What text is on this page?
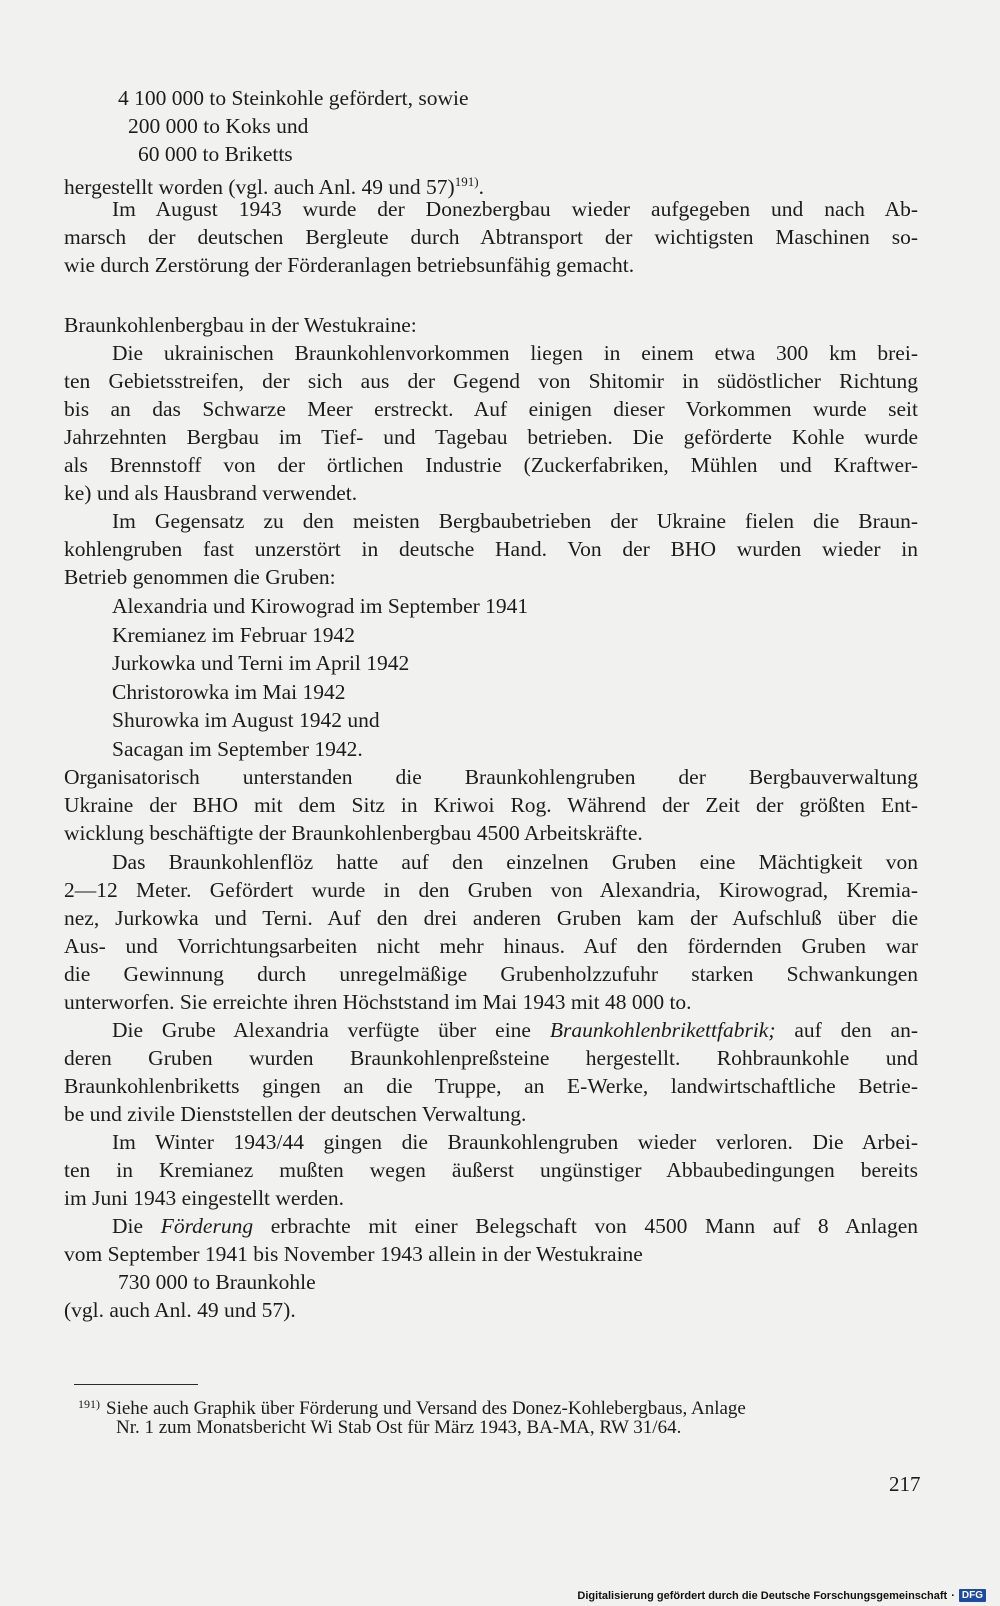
4 100 000 to Steinkohle gefördert, sowie
200 000 to Koks und
60 000 to Briketts
hergestellt worden (vgl. auch Anl. 49 und 57)$^{191)}$.
Im August 1943 wurde der Donezbergbau wieder aufgegeben und nach Ab-
marsch der deutschen Bergleute durch Abtransport der wichtigsten Maschinen so-
wie durch Zerstörung der Förderanlagen betriebsunfähig gemacht.
Braunkohlenbergbau in der Westukraine:
Die ukrainischen Braunkohlenvorkommen liegen in einem etwa 300 km brei-
ten Gebietsstreifen, der sich aus der Gegend von Shitomir in südöstlicher Richtung
bis an das Schwarze Meer erstreckt. Auf einigen dieser Vorkommen wurde seit
Jahrzehnten Bergbau im Tief- und Tagebau betrieben. Die geförderte Kohle wurde
als Brennstoff von der örtlichen Industrie (Zuckerfabriken, Mühlen und Kraftwer-
ke) und als Hausbrand verwendet.
Im Gegensatz zu den meisten Bergbaubetrieben der Ukraine fielen die Braun-
kohlengruben fast unzerstört in deutsche Hand. Von der BHO wurden wieder in
Betrieb genommen die Gruben:
Alexandria und Kirowograd im September 1941
Kremianez im Februar 1942
Jurkowka und Terni im April 1942
Christorowka im Mai 1942
Shurowka im August 1942 und
Sacagan im September 1942.
Organisatorisch unterstanden die Braunkohlengruben der Bergbauverwaltung
Ukraine der BHO mit dem Sitz in Kriwoi Rog. Während der Zeit der größten Ent-
wicklung beschäftigte der Braunkohlenbergbau 4500 Arbeitskräfte.
Das Braunkohlenflöz hatte auf den einzelnen Gruben eine Mächtigkeit von
2—12 Meter. Gefördert wurde in den Gruben von Alexandria, Kirowograd, Kremia-
nez, Jurkowka und Terni. Auf den drei anderen Gruben kam der Aufschluß über die
Aus- und Vorrichtungsarbeiten nicht mehr hinaus. Auf den fördernden Gruben war
die Gewinnung durch unregelmäßige Grubenholzzufuhr starken Schwankungen
unterworfen. Sie erreichte ihren Höchststand im Mai 1943 mit 48 000 to.
Die Grube Alexandria verfügte über eine Braunkohlenbrikettfabrik; auf den an-
deren Gruben wurden Braunkohlenpreßsteine hergestellt. Rohbraunkohle und
Braunkohlenbriketts gingen an die Truppe, an E-Werke, landwirtschaftliche Betrie-
be und zivile Dienststellen der deutschen Verwaltung.
Im Winter 1943/44 gingen die Braunkohlengruben wieder verloren. Die Arbei-
ten in Kremianez mußten wegen äußerst ungünstiger Abbaubedingungen bereits
im Juni 1943 eingestellt werden.
Die Förderung erbrachte mit einer Belegschaft von 4500 Mann auf 8 Anlagen
vom September 1941 bis November 1943 allein in der Westukraine
730 000 to Braunkohle
(vgl. auch Anl. 49 und 57).
$^{191)}$ Siehe auch Graphik über Förderung und Versand des Donez-Kohlebergbaus, Anlage
Nr. 1 zum Monatsbericht Wi Stab Ost für März 1943, BA-MA, RW 31/64.
217
Digitalisierung gefördert durch die Deutsche Forschungsgemeinschaft · DFG
